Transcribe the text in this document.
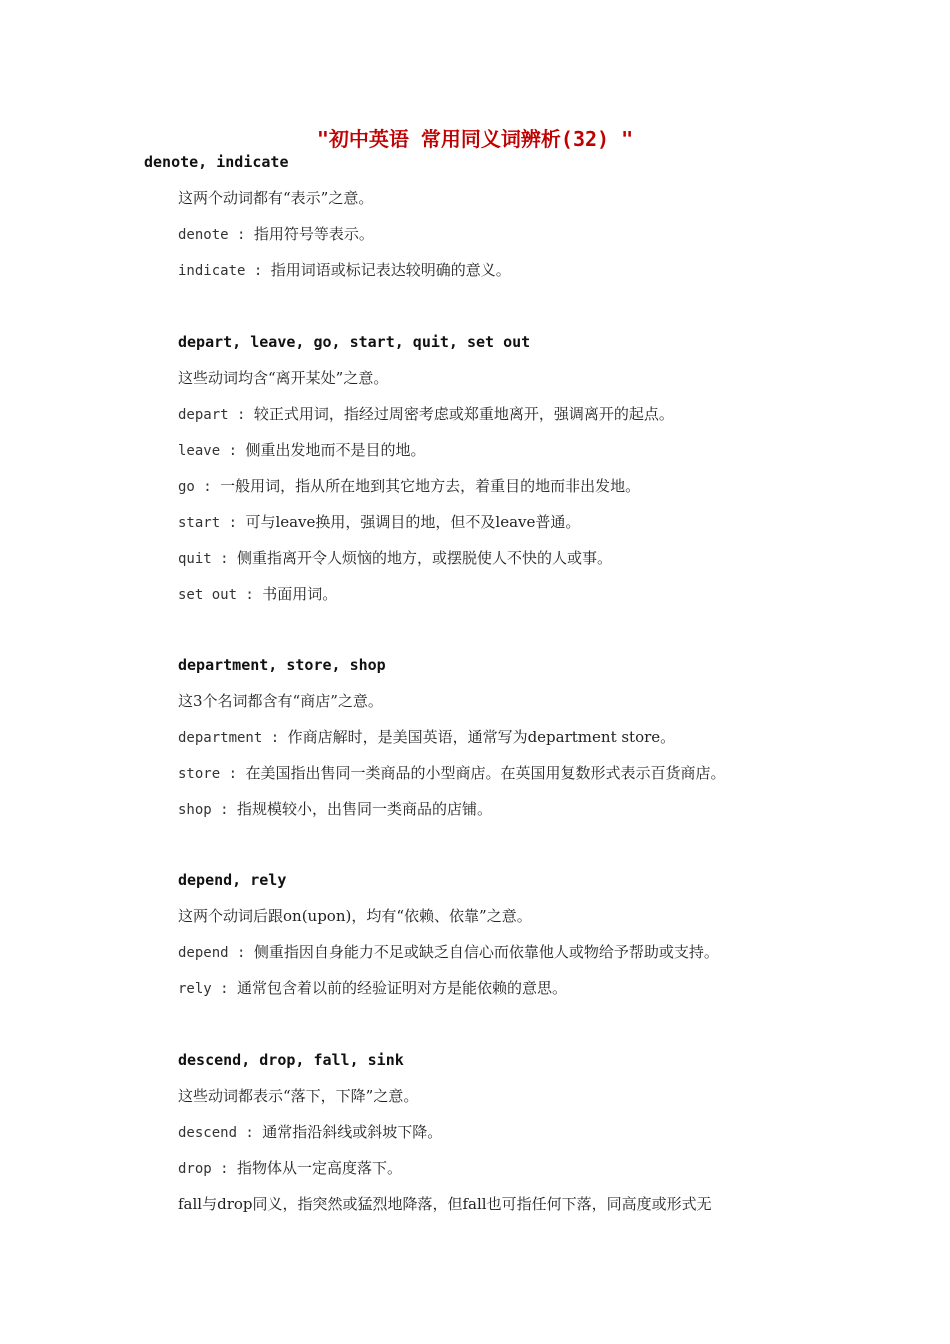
"初中英语 常用同义词辨析(32) "
denote, indicate
这两个动词都有“表示”之意。
denote : 指用符号等表示。
indicate : 指用词语或标记表达较明确的意义。
depart, leave, go, start, quit, set out
这些动词均含“离开某处”之意。
depart : 较正式用词，指经过周密考虑或郑重地离开，强调离开的起点。
leave : 侧重出发地而不是目的地。
go : 一般用词，指从所在地到其它地方去，着重目的地而非出发地。
start : 可与leave换用，强调目的地，但不及leave普通。
quit : 侧重指离开令人烦恼的地方，或摆脱使人不快的人或事。
set out : 书面用词。
department, store, shop
这3个名词都含有“商店”之意。
department : 作商店解时，是美国英语，通常写为department store。
store : 在美国指出售同一类商品的小型商店。在英国用复数形式表示百货商店。
shop : 指规模较小，出售同一类商品的店铺。
depend, rely
这两个动词后跟on(upon)，均有“依赖、依靠”之意。
depend : 侧重指因自身能力不足或缺乏自信心而依靠他人或物给予帮助或支持。
rely : 通常包含着以前的经验证明对方是能依赖的意思。
descend, drop, fall, sink
这些动词都表示“落下，下降”之意。
descend : 通常指沿斜线或斜坡下降。
drop : 指物体从一定高度落下。
fall与drop同义，指突然或猛烈地降落，但fall也可指任何下落，同高度或形式无
